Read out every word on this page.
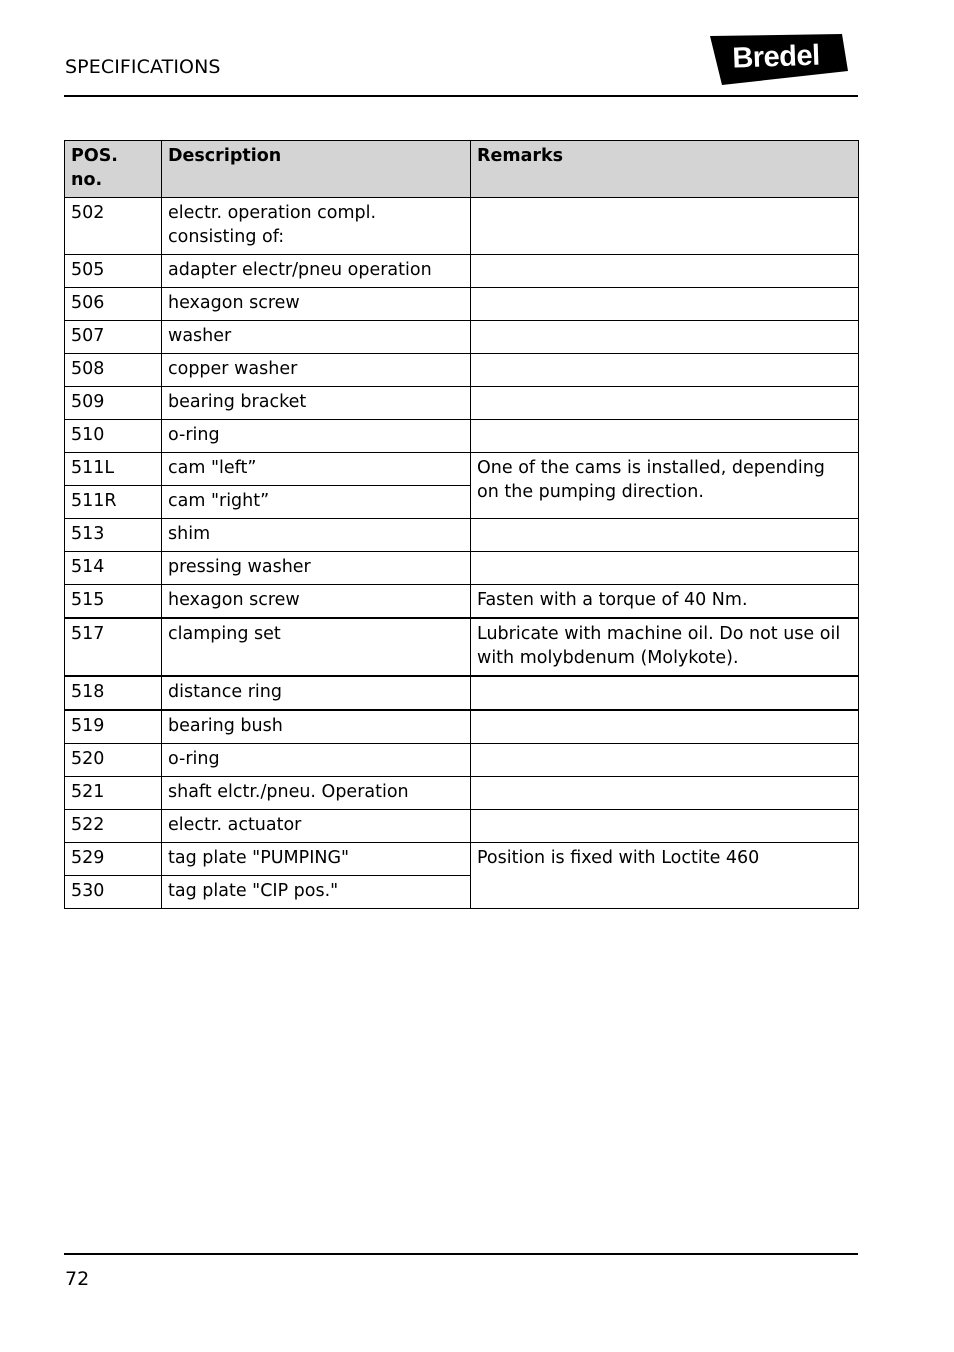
SPECIFICATIONS	Bredel
POS. no.	Description	Remarks
502	electr. operation compl. consisting of:	
505	adapter electr/pneu operation	
506	hexagon screw	
507	washer	
508	copper washer	
509	bearing bracket	
510	o-ring	
511L	cam "left”	One of the cams is installed, depending on the pumping direction.
511R	cam "right”	
513	shim	
514	pressing washer	
515	hexagon screw	Fasten with a torque of 40 Nm.
517	clamping set	Lubricate with machine oil. Do not use oil with molybdenum (Molykote).
518	distance ring	
519	bearing bush	
520	o-ring	
521	shaft elctr./pneu. Operation	
522	electr. actuator	
529	tag plate "PUMPING"	Position is fixed with Loctite 460
530	tag plate "CIP pos."	
72
